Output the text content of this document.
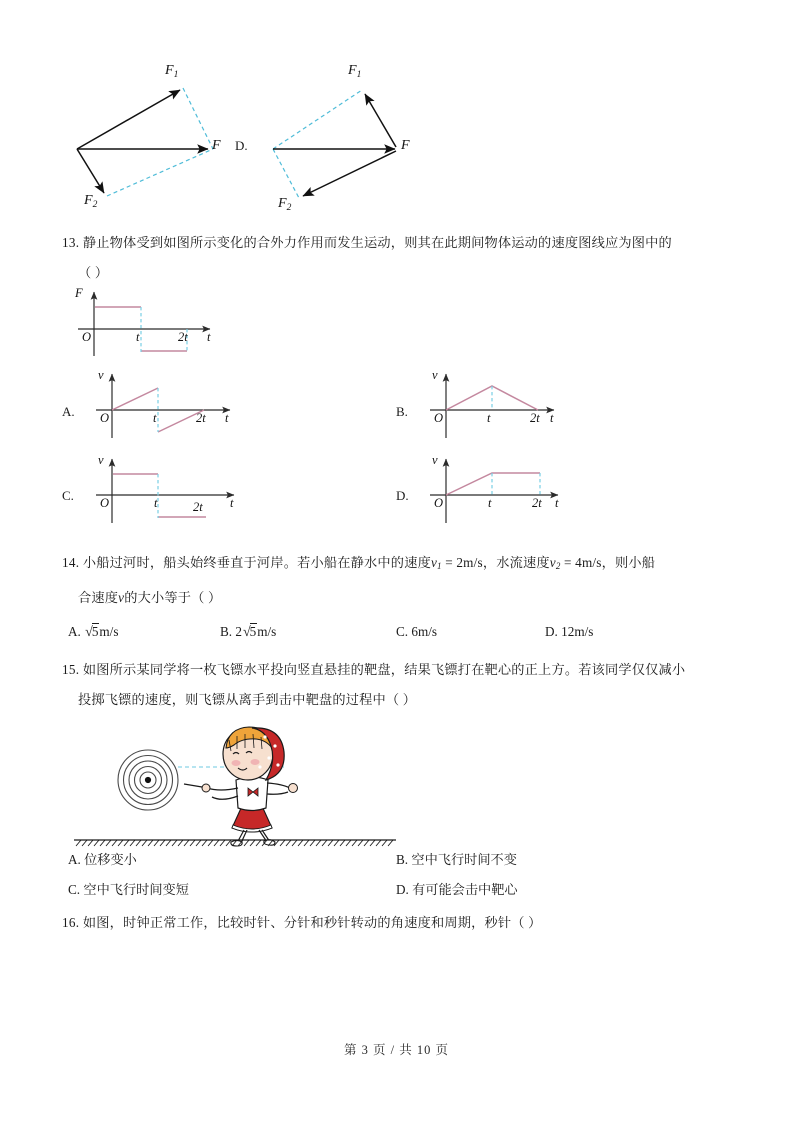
$F_1$
$F_2$
F D.
$F_1$
$F_2$
F
13. 静止物体受到如图所示变化的合外力作用而发生运动，则其在此期间物体运动的速度图线应为图中的
（ ）
F
O	t	2t t
A.
v
O	t	2t t	B.
v
O	t	2t t
C.
v
O	t	2t t	D.
v
O	t	2t t
14. 小船过河时，船头始终垂直于河岸。若小船在静水中的速度$v_1 = 2m/s$，水流速度$v_2 = 4m/s$，则小船
合速度v的大小等于（ ）
A. √5m/s	B. 2√5m/s	C. 6m/s	D. 12m/s
15. 如图所示某同学将一枚飞镖水平投向竖直悬挂的靶盘，结果飞镖打在靶心的正上方。若该同学仅仅减小
投掷飞镖的速度，则飞镖从离手到击中靶盘的过程中（ ）
A. 位移变小	B. 空中飞行时间不变
C. 空中飞行时间变短	D. 有可能会击中靶心
16. 如图，时钟正常工作，比较时针、分针和秒针转动的角速度和周期，秒针（ ）
第 3 页 / 共 10 页
